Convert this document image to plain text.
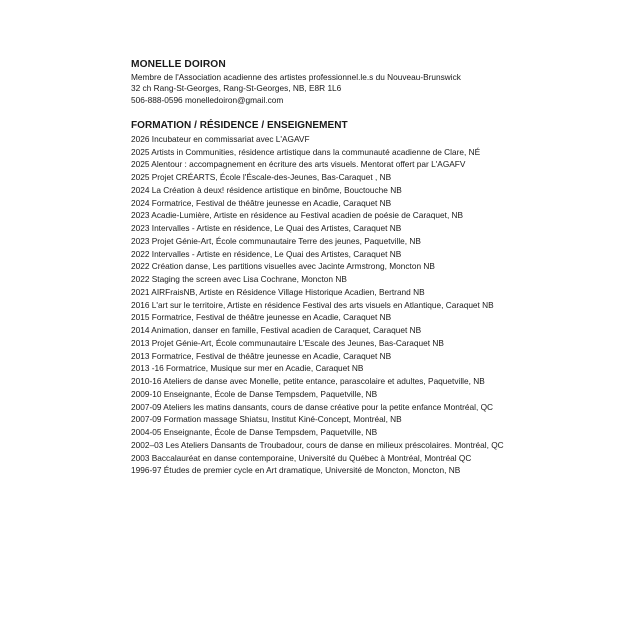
MONELLE DOIRON
Membre de l'Association acadienne des artistes professionnel.le.s du Nouveau-Brunswick
32 ch Rang-St-Georges, Rang-St-Georges, NB, E8R 1L6
506-888-0596 monelledoiron@gmail.com
FORMATION / RÉSIDENCE / ENSEIGNEMENT
2026 Incubateur en commissariat avec L'AGAVF
2025 Artists in Communities, résidence artistique dans la communauté acadienne de Clare, NÉ
2025 Alentour : accompagnement en écriture des arts visuels. Mentorat offert par L'AGAFV
2025 Projet CRÉARTS, École l'Éscale-des-Jeunes, Bas-Caraquet , NB
2024 La Création à deux! résidence artistique en binôme, Bouctouche NB
2024 Formatrice, Festival de théâtre jeunesse en Acadie, Caraquet NB
2023 Acadie-Lumière, Artiste en résidence au Festival acadien de poésie de Caraquet, NB
2023 Intervalles - Artiste en résidence, Le Quai des Artistes, Caraquet NB
2023 Projet Génie-Art, École communautaire Terre des jeunes, Paquetville, NB
2022 Intervalles - Artiste en résidence, Le Quai des Artistes, Caraquet NB
2022 Création danse, Les partitions visuelles avec Jacinte Armstrong, Moncton NB
2022 Staging the screen avec Lisa Cochrane, Moncton NB
2021 AIRFraisNB, Artiste en Résidence Village Historique Acadien, Bertrand NB
2016 L'art sur le territoire, Artiste en résidence Festival des arts visuels en Atlantique, Caraquet NB
2015 Formatrice, Festival de théâtre jeunesse en Acadie, Caraquet NB
2014 Animation, danser en famille, Festival acadien de Caraquet, Caraquet NB
2013 Projet Génie-Art, École communautaire L'Escale des Jeunes, Bas-Caraquet NB
2013 Formatrice, Festival de théâtre jeunesse en Acadie, Caraquet NB
2013 -16 Formatrice, Musique sur mer en Acadie, Caraquet NB
2010-16 Ateliers de danse avec Monelle, petite entance, parascolaire et adultes, Paquetville, NB
2009-10 Enseignante, École de Danse Tempsdem, Paquetville, NB
2007-09 Ateliers les matins dansants, cours de danse créative pour la petite enfance Montréal, QC
2007-09 Formation massage Shiatsu, Institut Kiné-Concept, Montréal, NB
2004-05 Enseignante, École de Danse Tempsdem, Paquetville, NB
2002–03 Les Ateliers Dansants de Troubadour, cours de danse en milieux préscolaires. Montréal, QC
2003 Baccalauréat en danse contemporaine, Université du Québec à Montréal, Montréal QC
1996-97 Études de premier cycle en Art dramatique, Université de Moncton, Moncton, NB
